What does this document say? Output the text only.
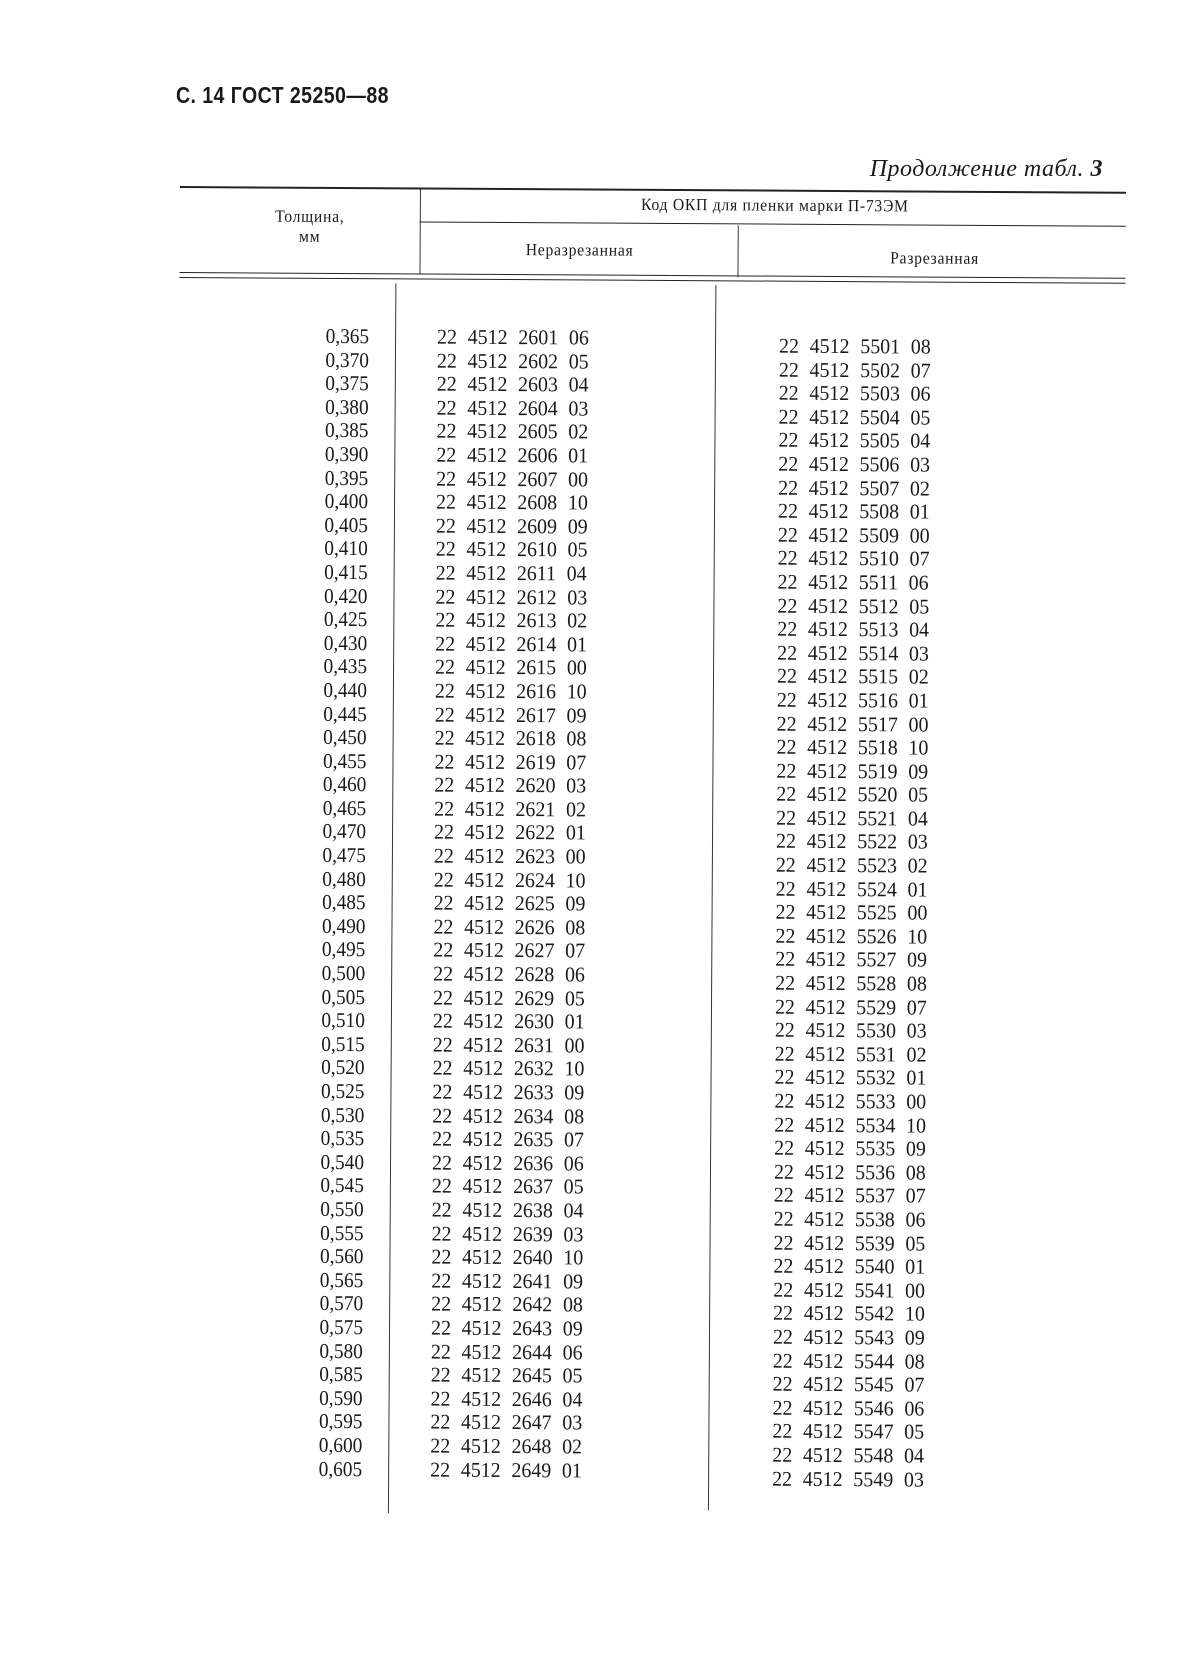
С. 14 ГОСТ 25250—88
Продолжение табл. 3
Толщина,
мм
Код ОКП для пленки марки П-73ЭМ
Неразрезанная	Разрезанная
0,365
0,370
0,375
0,380
0,385
0,390
0,395
0,400
0,405
0,410
0,415
0,420
0,425
0,430
0,435
0,440
0,445
0,450
0,455
0,460
0,465
0,470
0,475
0,480
0,485
0,490
0,495
0,500
0,505
0,510
0,515
0,520
0,525
0,530
0,535
0,540
0,545
0,550
0,555
0,560
0,565
0,570
0,575
0,580
0,585
0,590
0,595
0,600
0,605
22 4512 2601 06
22 4512 2602 05
22 4512 2603 04
22 4512 2604 03
22 4512 2605 02
22 4512 2606 01
22 4512 2607 00
22 4512 2608 10
22 4512 2609 09
22 4512 2610 05
22 4512 2611 04
22 4512 2612 03
22 4512 2613 02
22 4512 2614 01
22 4512 2615 00
22 4512 2616 10
22 4512 2617 09
22 4512 2618 08
22 4512 2619 07
22 4512 2620 03
22 4512 2621 02
22 4512 2622 01
22 4512 2623 00
22 4512 2624 10
22 4512 2625 09
22 4512 2626 08
22 4512 2627 07
22 4512 2628 06
22 4512 2629 05
22 4512 2630 01
22 4512 2631 00
22 4512 2632 10
22 4512 2633 09
22 4512 2634 08
22 4512 2635 07
22 4512 2636 06
22 4512 2637 05
22 4512 2638 04
22 4512 2639 03
22 4512 2640 10
22 4512 2641 09
22 4512 2642 08
22 4512 2643 09
22 4512 2644 06
22 4512 2645 05
22 4512 2646 04
22 4512 2647 03
22 4512 2648 02
22 4512 2649 01
22 4512 5501 08
22 4512 5502 07
22 4512 5503 06
22 4512 5504 05
22 4512 5505 04
22 4512 5506 03
22 4512 5507 02
22 4512 5508 01
22 4512 5509 00
22 4512 5510 07
22 4512 5511 06
22 4512 5512 05
22 4512 5513 04
22 4512 5514 03
22 4512 5515 02
22 4512 5516 01
22 4512 5517 00
22 4512 5518 10
22 4512 5519 09
22 4512 5520 05
22 4512 5521 04
22 4512 5522 03
22 4512 5523 02
22 4512 5524 01
22 4512 5525 00
22 4512 5526 10
22 4512 5527 09
22 4512 5528 08
22 4512 5529 07
22 4512 5530 03
22 4512 5531 02
22 4512 5532 01
22 4512 5533 00
22 4512 5534 10
22 4512 5535 09
22 4512 5536 08
22 4512 5537 07
22 4512 5538 06
22 4512 5539 05
22 4512 5540 01
22 4512 5541 00
22 4512 5542 10
22 4512 5543 09
22 4512 5544 08
22 4512 5545 07
22 4512 5546 06
22 4512 5547 05
22 4512 5548 04
22 4512 5549 03
